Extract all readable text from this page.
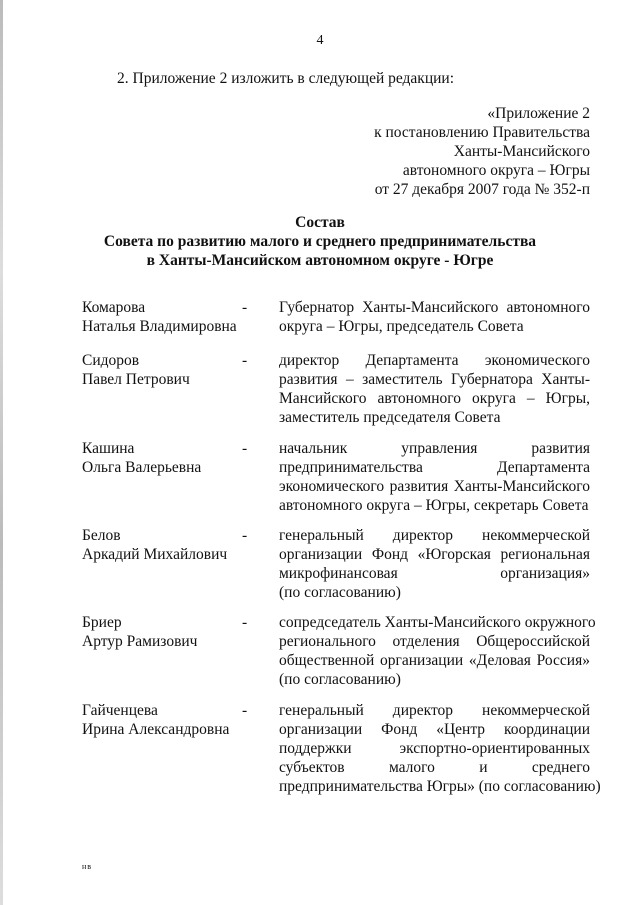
4
2. Приложение 2 изложить в следующей редакции:
«Приложение 2
к постановлению Правительства
Ханты-Мансийского
автономного округа – Югры
от 27 декабря 2007 года № 352-п
Состав
Совета по развитию малого и среднего предпринимательства
в Ханты-Мансийском автономном округе - Югре
Комарова
Наталья Владимировна
- Губернатор Ханты-Мансийского автономного
округа – Югры, председатель Совета
Сидоров
Павел Петрович
- директор Департамента экономического
развития – заместитель Губернатора Ханты-
Мансийского автономного округа – Югры,
заместитель председателя Совета
Кашина
Ольга Валерьевна
- начальник управления развития
предпринимательства Департамента
экономического развития Ханты-Мансийского
автономного округа – Югры, секретарь Совета
Белов
Аркадий Михайлович
- генеральный директор некоммерческой
организации Фонд «Югорская региональная
микрофинансовая организация»
(по согласованию)
Бриер
Артур Рамизович
- сопредседатель Ханты-Мансийского окружного
регионального отделения Общероссийской
общественной организации «Деловая Россия»
(по согласованию)
Гайченцева
Ирина Александровна
- генеральный директор некоммерческой
организации Фонд «Центр координации
поддержки экспортно-ориентированных
субъектов малого и среднего
предпринимательства Югры» (по согласованию)
нв
